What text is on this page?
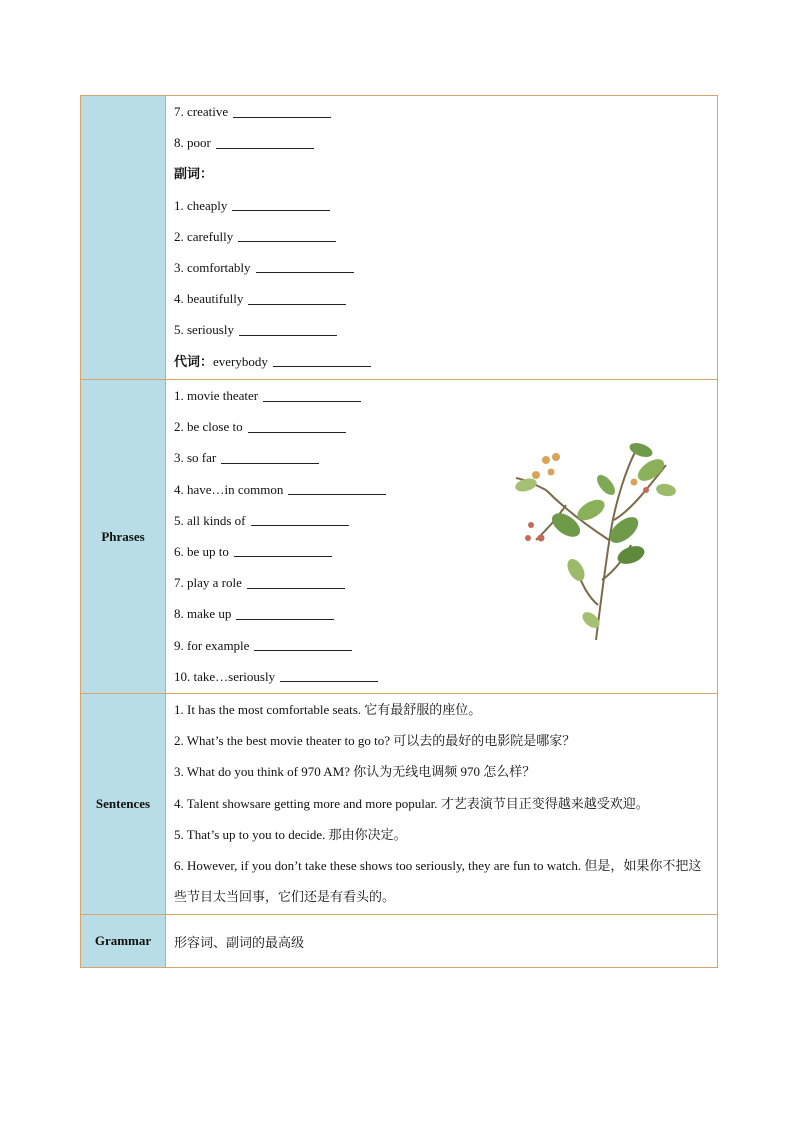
7. creative
8. poor
副词：
1. cheaply
2. carefully
3. comfortably
4. beautifully
5. seriously
代词：everybody
Phrases
1. movie theater
2. be close to
3. so far
4. have…in common
5. all kinds of
6. be up to
7. play a role
8. make up
9. for example
10. take…seriously
Sentences
1. It has the most comfortable seats. 它有最舒服的座位。
2. What’s the best movie theater to go to? 可以去的最好的电影院是哪家？
3. What do you think of 970 AM? 你认为无线电调频 970 怎么样？
4. Talent showsare getting more and more popular. 才艺表演节目正变得越来越受欢迎。
5. That’s up to you to decide. 那由你决定。
6. However, if you don’t take these shows too seriously, they are fun to watch. 但是，如果你不把这些节目太当回事，它们还是有看头的。
Grammar	形容词、副词的最高级
